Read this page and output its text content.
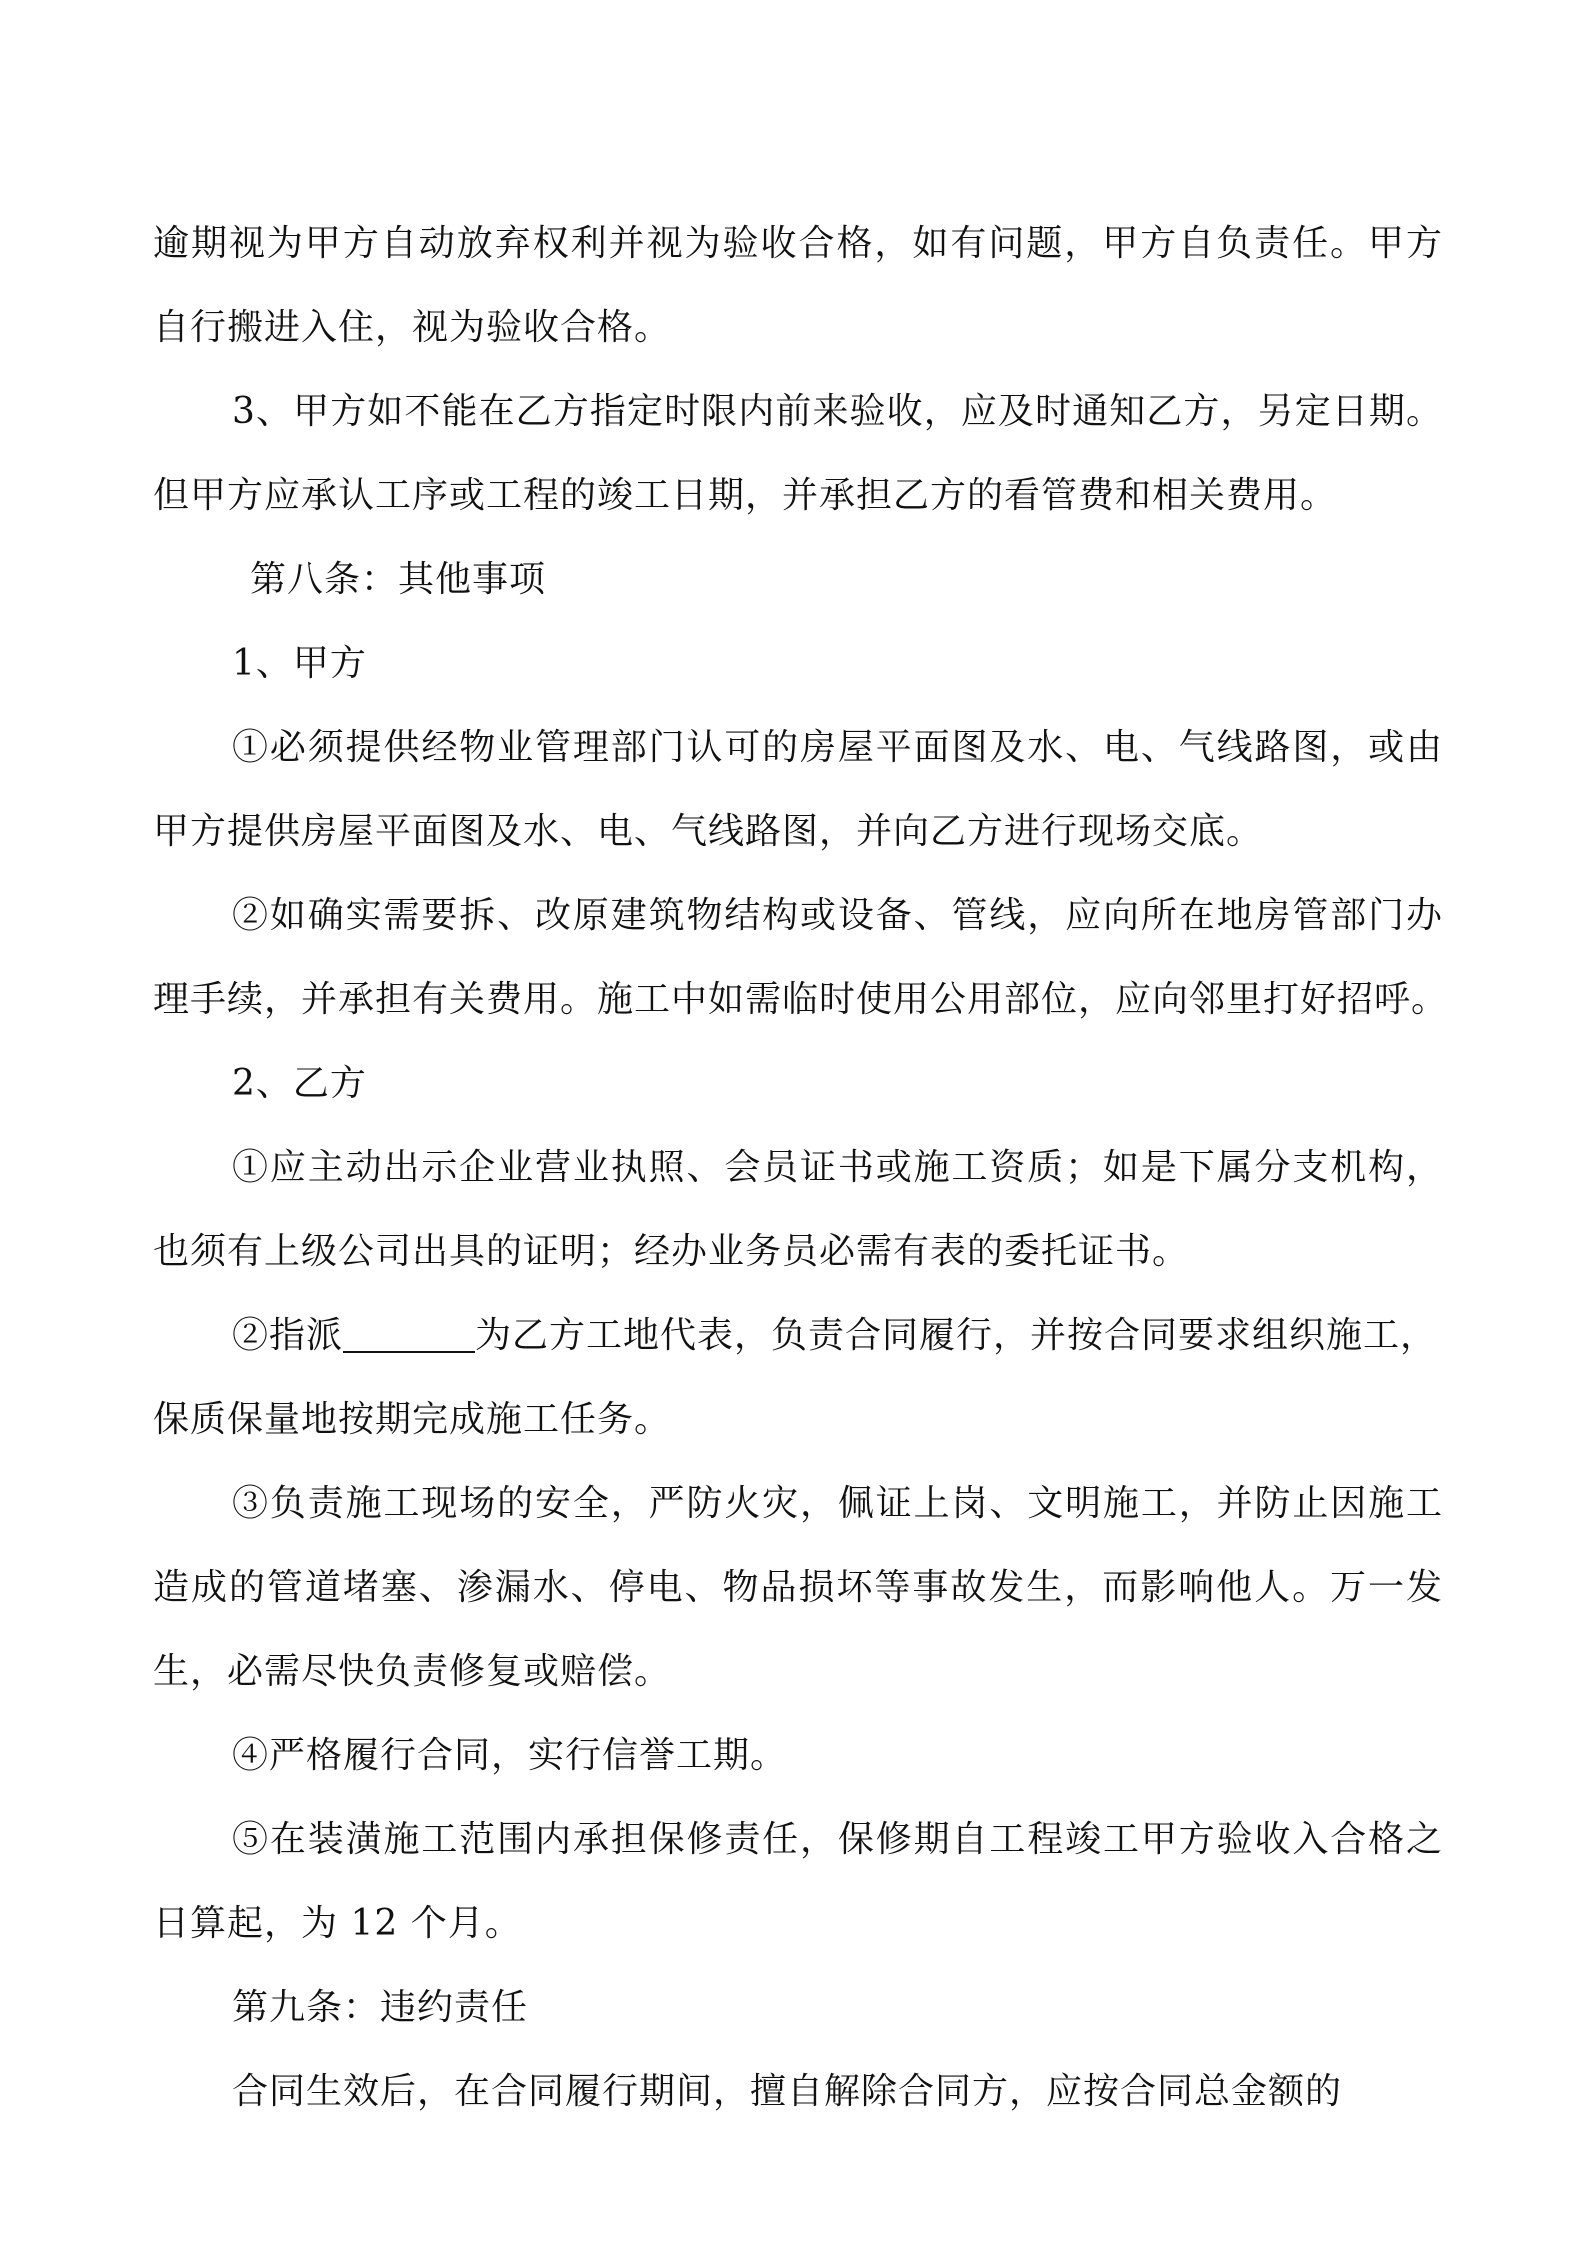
逾期视为甲方自动放弃权利并视为验收合格，如有问题，甲方自负责任。甲方
自行搬进入住，视为验收合格。
3、甲方如不能在乙方指定时限内前来验收，应及时通知乙方，另定日期。
但甲方应承认工序或工程的竣工日期，并承担乙方的看管费和相关费用。
第八条：其他事项
1、甲方
①必须提供经物业管理部门认可的房屋平面图及水、电、气线路图，或由
甲方提供房屋平面图及水、电、气线路图，并向乙方进行现场交底。
②如确实需要拆、改原建筑物结构或设备、管线，应向所在地房管部门办
理手续，并承担有关费用。施工中如需临时使用公用部位，应向邻里打好招呼。
2、乙方
①应主动出示企业营业执照、会员证书或施工资质；如是下属分支机构，
也须有上级公司出具的证明；经办业务员必需有表的委托证书。
②指派	为乙方工地代表，负责合同履行，并按合同要求组织施工，
保质保量地按期完成施工任务。
③负责施工现场的安全，严防火灾，佩证上岗、文明施工，并防止因施工
造成的管道堵塞、渗漏水、停电、物品损坏等事故发生，而影响他人。万一发
生，必需尽快负责修复或赔偿。
④严格履行合同，实行信誉工期。
⑤在装潢施工范围内承担保修责任，保修期自工程竣工甲方验收入合格之
日算起，为 12 个月。
第九条：违约责任
合同生效后，在合同履行期间，擅自解除合同方，应按合同总金额的
